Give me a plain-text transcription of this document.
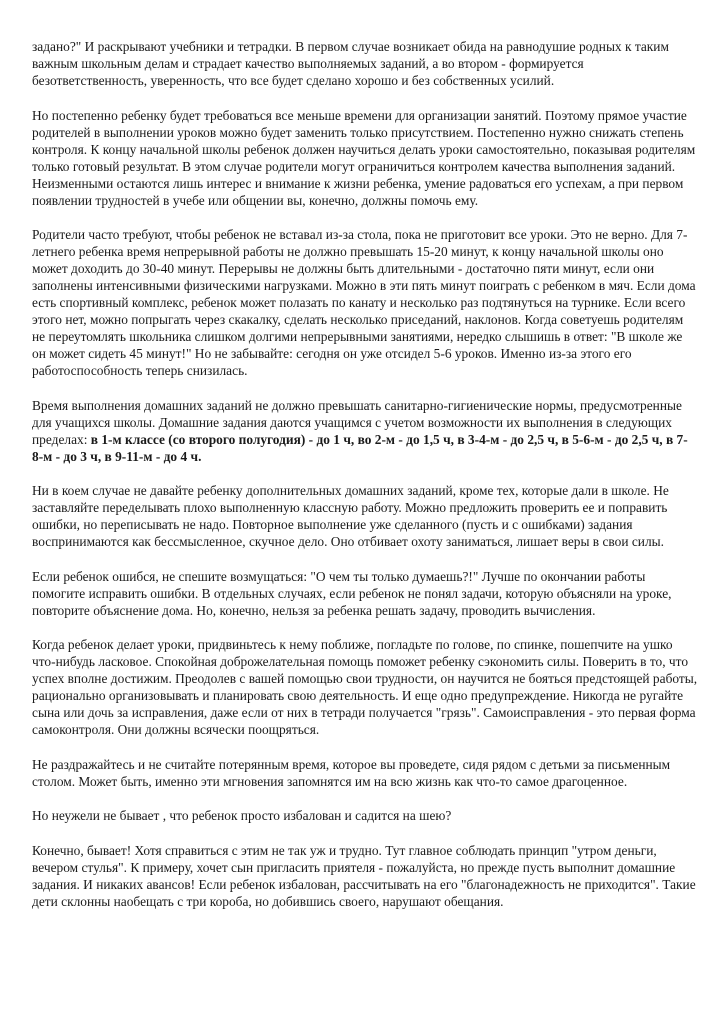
задано?" И раскрывают учебники и тетрадки. В первом случае возникает обида на равнодушие родных к таким важным школьным делам и страдает качество выполняемых заданий, а во втором - формируется безответственность, уверенность, что все будет сделано хорошо и без собственных усилий.

Но постепенно ребенку будет требоваться все меньше времени для организации занятий. Поэтому прямое участие родителей в выполнении уроков можно будет заменить только присутствием. Постепенно нужно снижать степень контроля. К концу начальной школы ребенок должен научиться делать уроки самостоятельно, показывая родителям только готовый результат. В этом случае родители могут ограничиться контролем качества выполнения заданий. Неизменными остаются лишь интерес и внимание к жизни ребенка, умение радоваться его успехам, а при первом появлении трудностей в учебе или общении вы, конечно, должны помочь ему.

Родители часто требуют, чтобы ребенок не вставал из-за стола, пока не приготовит все уроки. Это не верно. Для 7-летнего ребенка время непрерывной работы не должно превышать 15-20 минут, к концу начальной школы оно может доходить до 30-40 минут. Перерывы не должны быть длительными - достаточно пяти минут, если они заполнены интенсивными физическими нагрузками. Можно в эти пять минут поиграть с ребенком в мяч. Если дома есть спортивный комплекс, ребенок может полазать по канату и несколько раз подтянуться на турнике. Если всего этого нет, можно попрыгать через скакалку, сделать несколько приседаний, наклонов. Когда советуешь родителям не переутомлять школьника слишком долгими непрерывными занятиями, нередко слышишь в ответ: "В школе же он может сидеть 45 минут!" Но не забывайте: сегодня он уже отсидел 5-6 уроков. Именно из-за этого его работоспособность теперь снизилась.

Время выполнения домашних заданий не должно превышать санитарно-гигиенические нормы, предусмотренные для учащихся школы. Домашние задания даются учащимся с учетом возможности их выполнения в следующих пределах: в 1-м классе (со второго полугодия) - до 1 ч, во 2-м - до 1,5 ч, в 3-4-м - до 2,5 ч, в 5-6-м - до 2,5 ч, в 7-8-м - до 3 ч, в 9-11-м - до 4 ч.

Ни в коем случае не давайте ребенку дополнительных домашних заданий, кроме тех, которые дали в школе. Не заставляйте переделывать плохо выполненную классную работу. Можно предложить проверить ее и поправить ошибки, но переписывать не надо. Повторное выполнение уже сделанного (пусть и с ошибками) задания воспринимаются как бессмысленное, скучное дело. Оно отбивает охоту заниматься, лишает веры в свои силы.

Если ребенок ошибся, не спешите возмущаться: "О чем ты только думаешь?!" Лучше по окончании работы помогите исправить ошибки. В отдельных случаях, если ребенок не понял задачи, которую объясняли на уроке, повторите объяснение дома. Но, конечно, нельзя за ребенка решать задачу, проводить вычисления.

Когда ребенок делает уроки, придвиньтесь к нему поближе, погладьте по голове, по спинке, пошепчите на ушко что-нибудь ласковое. Спокойная доброжелательная помощь поможет ребенку сэкономить силы. Поверить в то, что успех вполне достижим. Преодолев с вашей помощью свои трудности, он научится не бояться предстоящей работы, рационально организовывать и планировать свою деятельность. И еще одно предупреждение. Никогда не ругайте сына или дочь за исправления, даже если от них в тетради получается "грязь". Самоисправления - это первая форма самоконтроля. Они должны всячески поощряться.

Не раздражайтесь и не считайте потерянным время, которое вы проведете, сидя рядом с детьми за письменным столом. Может быть, именно эти мгновения запомнятся им на всю жизнь как что-то самое драгоценное.

Но неужели не бывает , что ребенок просто избалован и садится на шею?

Конечно, бывает! Хотя справиться с этим не так уж и трудно. Тут главное соблюдать принцип "утром деньги, вечером стулья". К примеру, хочет сын пригласить приятеля - пожалуйста, но прежде пусть выполнит домашние задания. И никаких авансов! Если ребенок избалован, рассчитывать на его "благонадежность не приходится". Такие дети склонны наобещать с три короба, но добившись своего, нарушают обещания.
